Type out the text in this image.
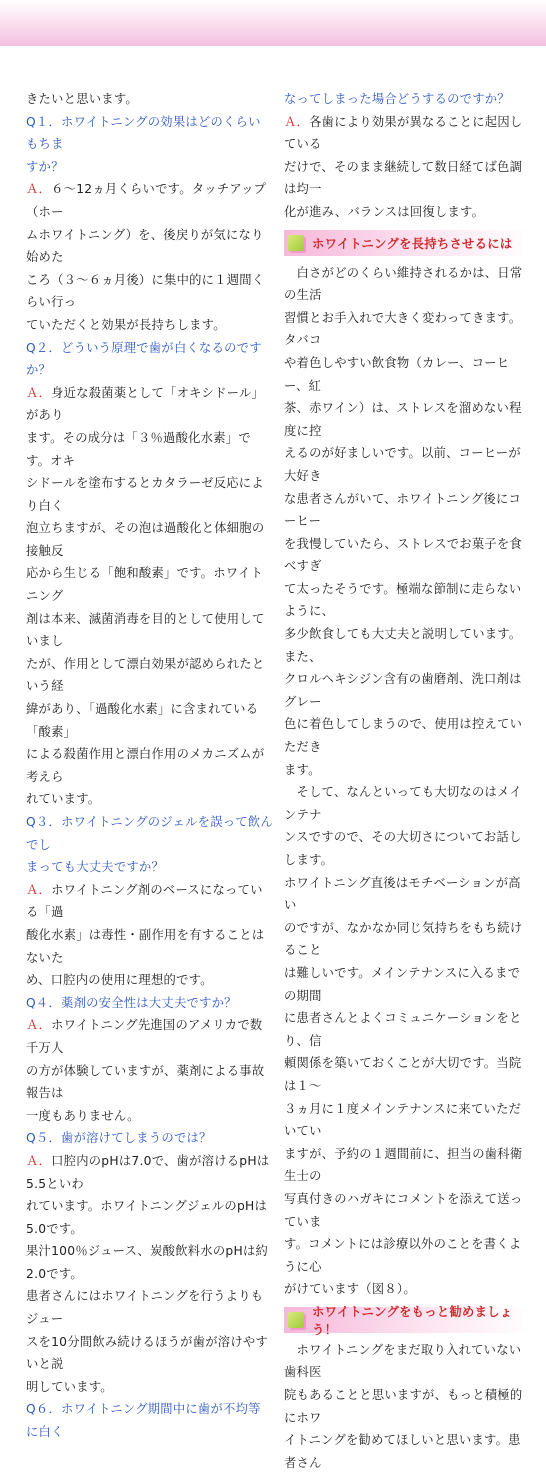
きたいと思います。

Q１．ホワイトニングの効果はどのくらいもちま
すか？

Ａ．６〜12ヵ月くらいです。タッチアップ（ホー
ムホワイトニング）を、後戻りが気になり始めた
ころ（３〜６ヵ月後）に集中的に１週間くらい行っ
ていただくと効果が長持ちします。

Q２．どういう原理で歯が白くなるのですか？

Ａ．身近な殺菌薬として「オキシドール」があり
ます。その成分は「３％過酸化水素」です。オキ
シドールを塗布するとカタラーゼ反応により白く
泡立ちますが、その泡は過酸化と体細胞の接触反
応から生じる「飽和酸素」です。ホワイトニング
剤は本来、滅菌消毒を目的として使用していまし
たが、作用として漂白効果が認められたという経
緯があり、「過酸化水素」に含まれている「酸素」
による殺菌作用と漂白作用のメカニズムが考えら
れています。

Q３．ホワイトニングのジェルを誤って飲んでし
まっても大丈夫ですか？

Ａ．ホワイトニング剤のベースになっている「過
酸化水素」は毒性・副作用を有することはないた
め、口腔内の使用に理想的です。

Q４．薬剤の安全性は大丈夫ですか？

Ａ．ホワイトニング先進国のアメリカで数千万人
の方が体験していますが、薬剤による事故報告は
一度もありません。

Q５．歯が溶けてしまうのでは？

Ａ．口腔内のpHは7.0で、歯が溶けるpHは5.5といわ
れています。ホワイトニングジェルのpHは5.0です。
果汁100％ジュース、炭酸飲料水のpHは約2.0です。
患者さんにはホワイトニングを行うよりもジュー
スを10分間飲み続けるほうが歯が溶けやすいと説
明しています。

Q６．ホワイトニング期間中に歯が不均等に白く

なってしまった場合どうするのですか？

Ａ．各歯により効果が異なることに起因している
だけで、そのまま継続して数日経てば色調は均一
化が進み、バランスは回復します。

ホワイトニングを長持ちさせるには

　白さがどのくらい維持されるかは、日常の生活
習慣とお手入れで大きく変わってきます。タバコ
や着色しやすい飲食物（カレー、コーヒー、紅
茶、赤ワイン）は、ストレスを溜めない程度に控
えるのが好ましいです。以前、コーヒーが大好き
な患者さんがいて、ホワイトニング後にコーヒー
を我慢していたら、ストレスでお菓子を食べすぎ
て太ったそうです。極端な節制に走らないように、
多少飲食しても大丈夫と説明しています。また、
クロルヘキシジン含有の歯磨剤、洗口剤はグレー
色に着色してしまうので、使用は控えていただき
ます。

　そして、なんといっても大切なのはメインテナ
ンスですので、その大切さについてお話しします。
ホワイトニング直後はモチベーションが高い
のですが、なかなか同じ気持ちをもち続けること
は難しいです。メインテナンスに入るまでの期間
に患者さんとよくコミュニケーションをとり、信
頼関係を築いておくことが大切です。当院は１〜
３ヵ月に１度メインテナンスに来ていただいてい
ますが、予約の１週間前に、担当の歯科衛生士の
写真付きのハガキにコメントを添えて送っていま
す。コメントには診療以外のことを書くように心
がけています（図８）。

ホワイトニングをもっと勧めましょう！

　ホワイトニングをまだ取り入れていない歯科医
院もあることと思いますが、もっと積極的にホワ
イトニングを勧めてほしいと思います。患者さん
